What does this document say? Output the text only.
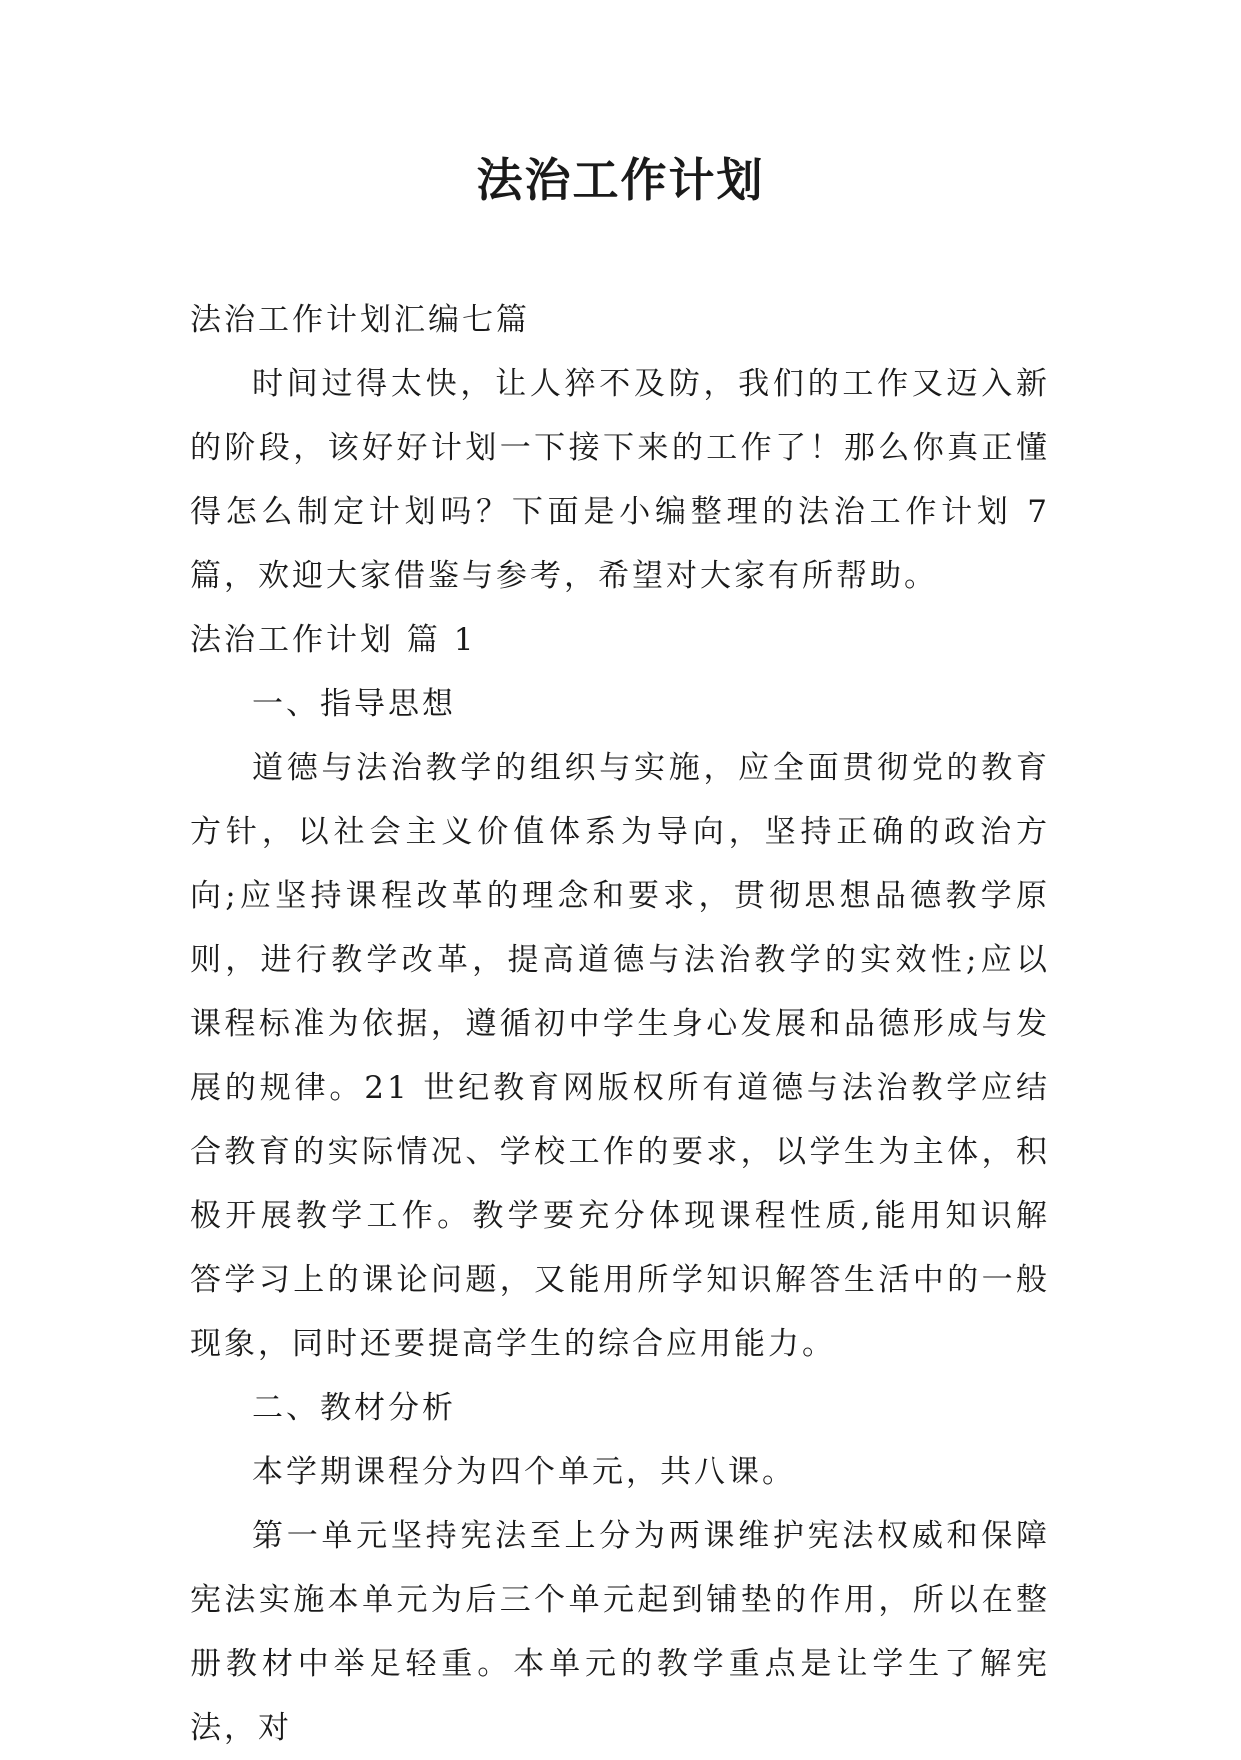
法治工作计划

法治工作计划汇编七篇

时间过得太快，让人猝不及防，我们的工作又迈入新的阶段，该好好计划一下接下来的工作了！那么你真正懂得怎么制定计划吗？下面是小编整理的法治工作计划 7 篇，欢迎大家借鉴与参考，希望对大家有所帮助。

法治工作计划 篇 1

一、指导思想

道德与法治教学的组织与实施，应全面贯彻党的教育方针，以社会主义价值体系为导向，坚持正确的政治方向;应坚持课程改革的理念和要求，贯彻思想品德教学原则，进行教学改革，提高道德与法治教学的实效性;应以课程标准为依据，遵循初中学生身心发展和品德形成与发展的规律。21 世纪教育网版权所有道德与法治教学应结合教育的实际情况、学校工作的要求，以学生为主体，积极开展教学工作。教学要充分体现课程性质,能用知识解答学习上的课论问题，又能用所学知识解答生活中的一般现象，同时还要提高学生的综合应用能力。

二、教材分析

本学期课程分为四个单元，共八课。

第一单元坚持宪法至上分为两课维护宪法权威和保障宪法实施本单元为后三个单元起到铺垫的作用，所以在整册教材中举足轻重。本单元的教学重点是让学生了解宪法，对
